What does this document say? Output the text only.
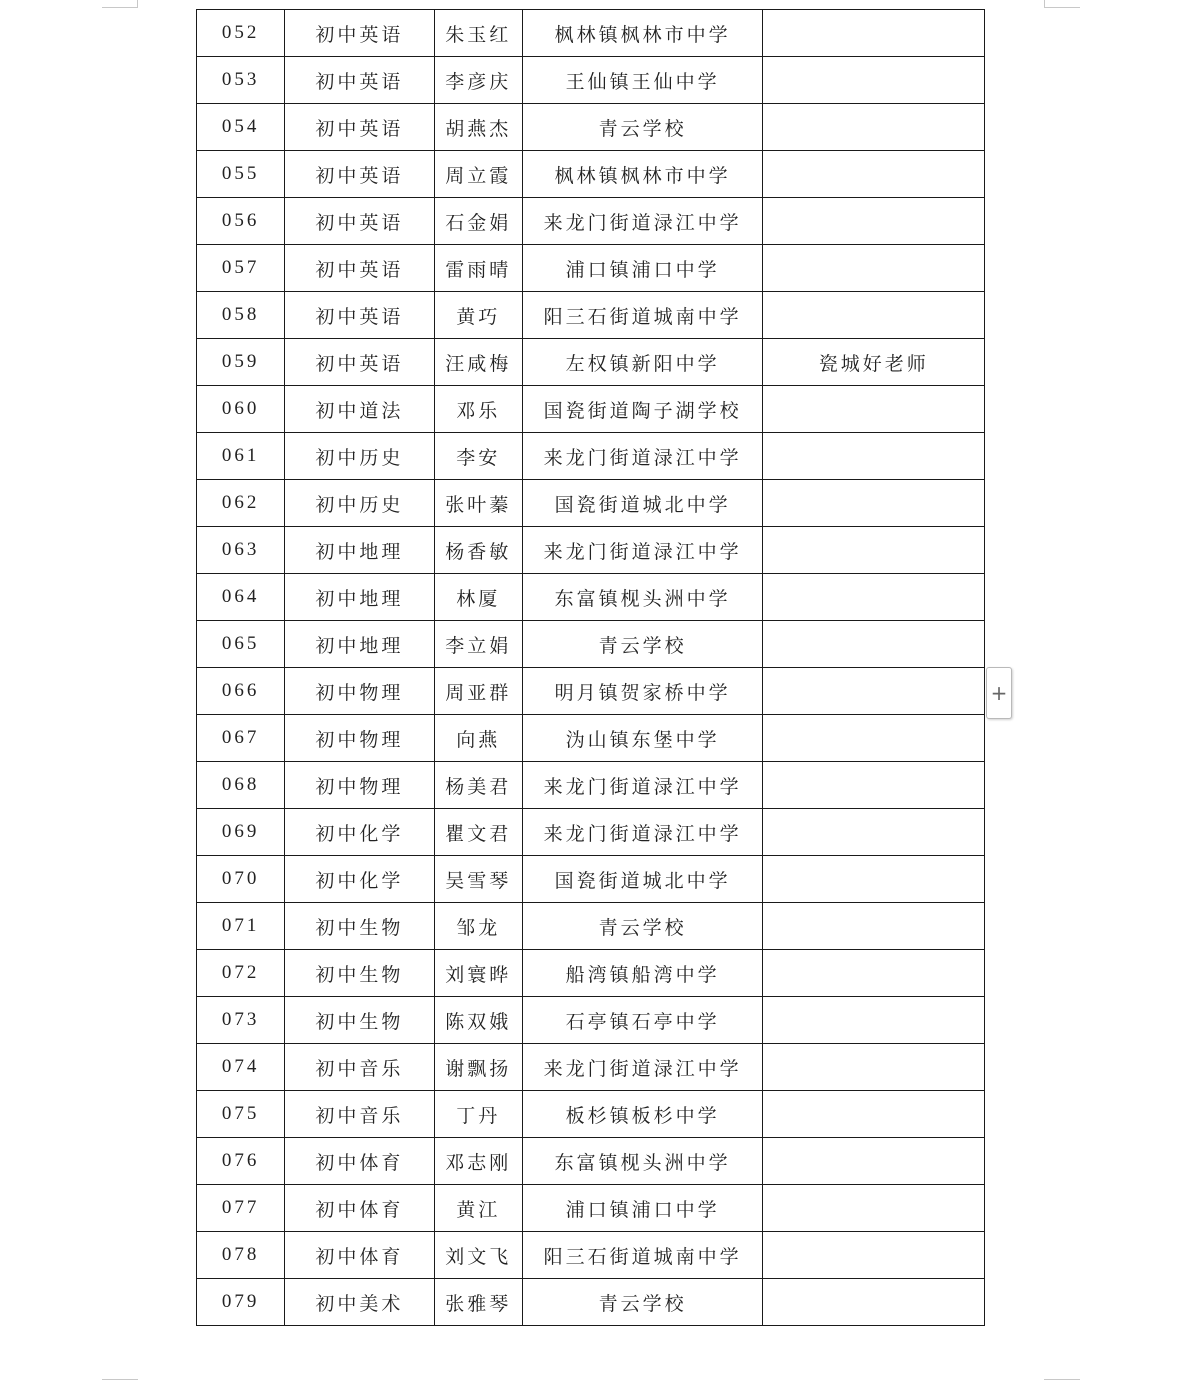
052	初中英语	朱玉红	枫林镇枫林市中学	
053	初中英语	李彦庆	王仙镇王仙中学	
054	初中英语	胡燕杰	青云学校	
055	初中英语	周立霞	枫林镇枫林市中学	
056	初中英语	石金娟	来龙门街道渌江中学	
057	初中英语	雷雨晴	浦口镇浦口中学	
058	初中英语	黄巧	阳三石街道城南中学	
059	初中英语	汪咸梅	左权镇新阳中学	瓷城好老师
060	初中道法	邓乐	国瓷街道陶子湖学校	
061	初中历史	李安	来龙门街道渌江中学	
062	初中历史	张叶蓁	国瓷街道城北中学	
063	初中地理	杨香敏	来龙门街道渌江中学	
064	初中地理	林厦	东富镇枧头洲中学	
065	初中地理	李立娟	青云学校	
066	初中物理	周亚群	明月镇贺家桥中学	
067	初中物理	向燕	沩山镇东堡中学	
068	初中物理	杨美君	来龙门街道渌江中学	
069	初中化学	瞿文君	来龙门街道渌江中学	
070	初中化学	吴雪琴	国瓷街道城北中学	
071	初中生物	邹龙	青云学校	
072	初中生物	刘寰晔	船湾镇船湾中学	
073	初中生物	陈双娥	石亭镇石亭中学	
074	初中音乐	谢飘扬	来龙门街道渌江中学	
075	初中音乐	丁丹	板杉镇板杉中学	
076	初中体育	邓志刚	东富镇枧头洲中学	
077	初中体育	黄江	浦口镇浦口中学	
078	初中体育	刘文飞	阳三石街道城南中学	
079	初中美术	张雅琴	青云学校	
+
